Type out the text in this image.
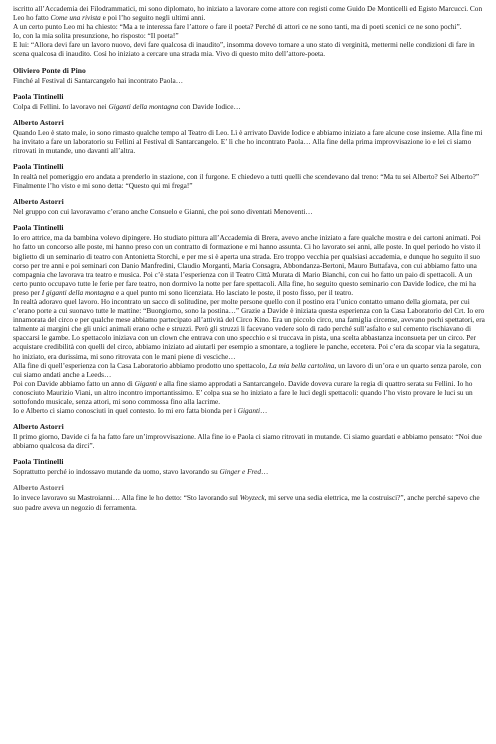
iscritto all’Accademia dei Filodrammatici, mi sono diplomato, ho iniziato a lavorare come attore con registi come Guido De Monticelli ed Egisto Marcucci. Con Leo ho fatto Come una rivista e poi l’ho seguito negli ultimi anni.

A un certo punto Leo mi ha chiesto: “Ma a te interessa fare l’attore o fare il poeta? Perché di attori ce ne sono tanti, ma di poeti scenici ce ne sono pochi”.

Io, con la mia solita presunzione, ho risposto: “Il poeta!”

E lui: “Allora devi fare un lavoro nuovo, devi fare qualcosa di inaudito”, insomma dovevo tornare a uno stato di verginità, mettermi nelle condizioni di fare in scena qualcosa di inaudito. Così ho iniziato a cercare una strada mia. Vivo di questo mito dell’attore-poeta.

Oliviero Ponte di Pino

Finché al Festival di Santarcangelo hai incontrato Paola…

Paola Tintinelli

Colpa di Fellini. Io lavoravo nei Giganti della montagna con Davide Iodice…

Alberto Astorri

Quando Leo è stato male, io sono rimasto qualche tempo al Teatro di Leo. Lì è arrivato Davide Iodice e abbiamo iniziato a fare alcune cose insieme. Alla fine mi ha invitato a fare un laboratorio su Fellini al Festival di Santarcangelo. E’ lì che ho incontrato Paola… Alla fine della prima improvvisazione io e lei ci siamo ritrovati in mutande, uno davanti all’altra.

Paola Tintinelli

In realtà nel pomeriggio ero andata a prenderlo in stazione, con il furgone. E chiedevo a tutti quelli che scendevano dal treno: “Ma tu sei Alberto? Sei Alberto?” Finalmente l’ho visto e mi sono detta: “Questo qui mi frega!”

Alberto Astorri

Nel gruppo con cui lavoravamo c’erano anche Consuelo e Gianni, che poi sono diventati Menoventi…

Paola Tintinelli

Io ero attrice, ma da bambina volevo dipingere. Ho studiato pittura all’Accademia di Brera, avevo anche iniziato a fare qualche mostra e dei cartoni animati. Poi ho fatto un concorso alle poste, mi hanno preso con un contratto di formazione e mi hanno assunta. Ci ho lavorato sei anni, alle poste. In quel periodo ho visto il biglietto di un seminario di teatro con Antonietta Storchi, e per me si è aperta una strada. Ero troppo vecchia per qualsiasi accademia, e dunque ho seguito il suo corso per tre anni e poi seminari con Danio Manfredini, Claudio Morganti, Maria Consagra, Abbondanza-Bertoni, Mauro Buttafava, con cui abbiamo fatto una compagnia che lavorava tra teatro e musica. Poi c’è stata l’esperienza con il Teatro Città Murata di Mario Bianchi, con cui ho fatto un paio di spettacoli. A un certo punto occupavo tutte le ferie per fare teatro, non dormivo la notte per fare spettacoli. Alla fine, ho seguito questo seminario con Davide Iodice, che mi ha preso per I giganti della montagna e a quel punto mi sono licenziata. Ho lasciato le poste, il posto fisso, per il teatro.

In realtà adoravo quel lavoro. Ho incontrato un sacco di solitudine, per molte persone quello con il postino era l’unico contatto umano della giornata, per cui c’erano porte a cui suonavo tutte le mattine: “Buongiorno, sono la postina…” Grazie a Davide è iniziata questa esperienza con la Casa Laboratorio del Crt. Io ero innamorata del circo e per qualche mese abbiamo partecipato all’attività del Circo Kino. Era un piccolo circo, una famiglia circense, avevano pochi spettatori, era talmente ai margini che gli unici animali erano oche e struzzi. Però gli struzzi li facevano vedere solo di rado perché sull’asfalto e sul cemento rischiavano di spaccarsi le gambe. Lo spettacolo iniziava con un clown che entrava con uno specchio e si truccava in pista, una scelta abbastanza inconsueta per un circo. Per acquistare credibilità con quelli del circo, abbiamo iniziato ad aiutarli per esempio a smontare, a togliere le panche, eccetera. Poi c’era da scopar via la segatura, ho iniziato, era durissima, mi sono ritrovata con le mani piene di vesciche…

Alla fine di quell’esperienza con la Casa Laboratorio abbiamo prodotto uno spettacolo, La mia bella cartolina, un lavoro di un’ora e un quarto senza parole, con cui siamo andati anche a Leeds…

Poi con Davide abbiamo fatto un anno di Giganti e alla fine siamo approdati a Santarcangelo. Davide doveva curare la regia di quattro serata su Fellini. Io ho conosciuto Maurizio Viani, un altro incontro importantissimo. E’ colpa sua se ho iniziato a fare le luci degli spettacoli: quando l’ho visto provare le luci su un sottofondo musicale, senza attori, mi sono commossa fino alla lacrime.

Io e Alberto ci siamo conosciuti in quel contesto. Io mi ero fatta bionda per i Giganti…

Alberto Astorri

Il primo giorno, Davide ci fa ha fatto fare un’improvvisazione. Alla fine io e Paola ci siamo ritrovati in mutande. Ci siamo guardati e abbiamo pensato: “Noi due abbiamo qualcosa da dirci”.

Paola Tintinelli

Soprattutto perché io indossavo mutande da uomo, stavo lavorando su Ginger e Fred…

Alberto Astorri

Io invece lavoravo su Mastroianni… Alla fine le ho detto: “Sto lavorando sul Woyzeck, mi serve una sedia elettrica, me la costruisci?”, anche perché sapevo che suo padre aveva un negozio di ferramenta.
